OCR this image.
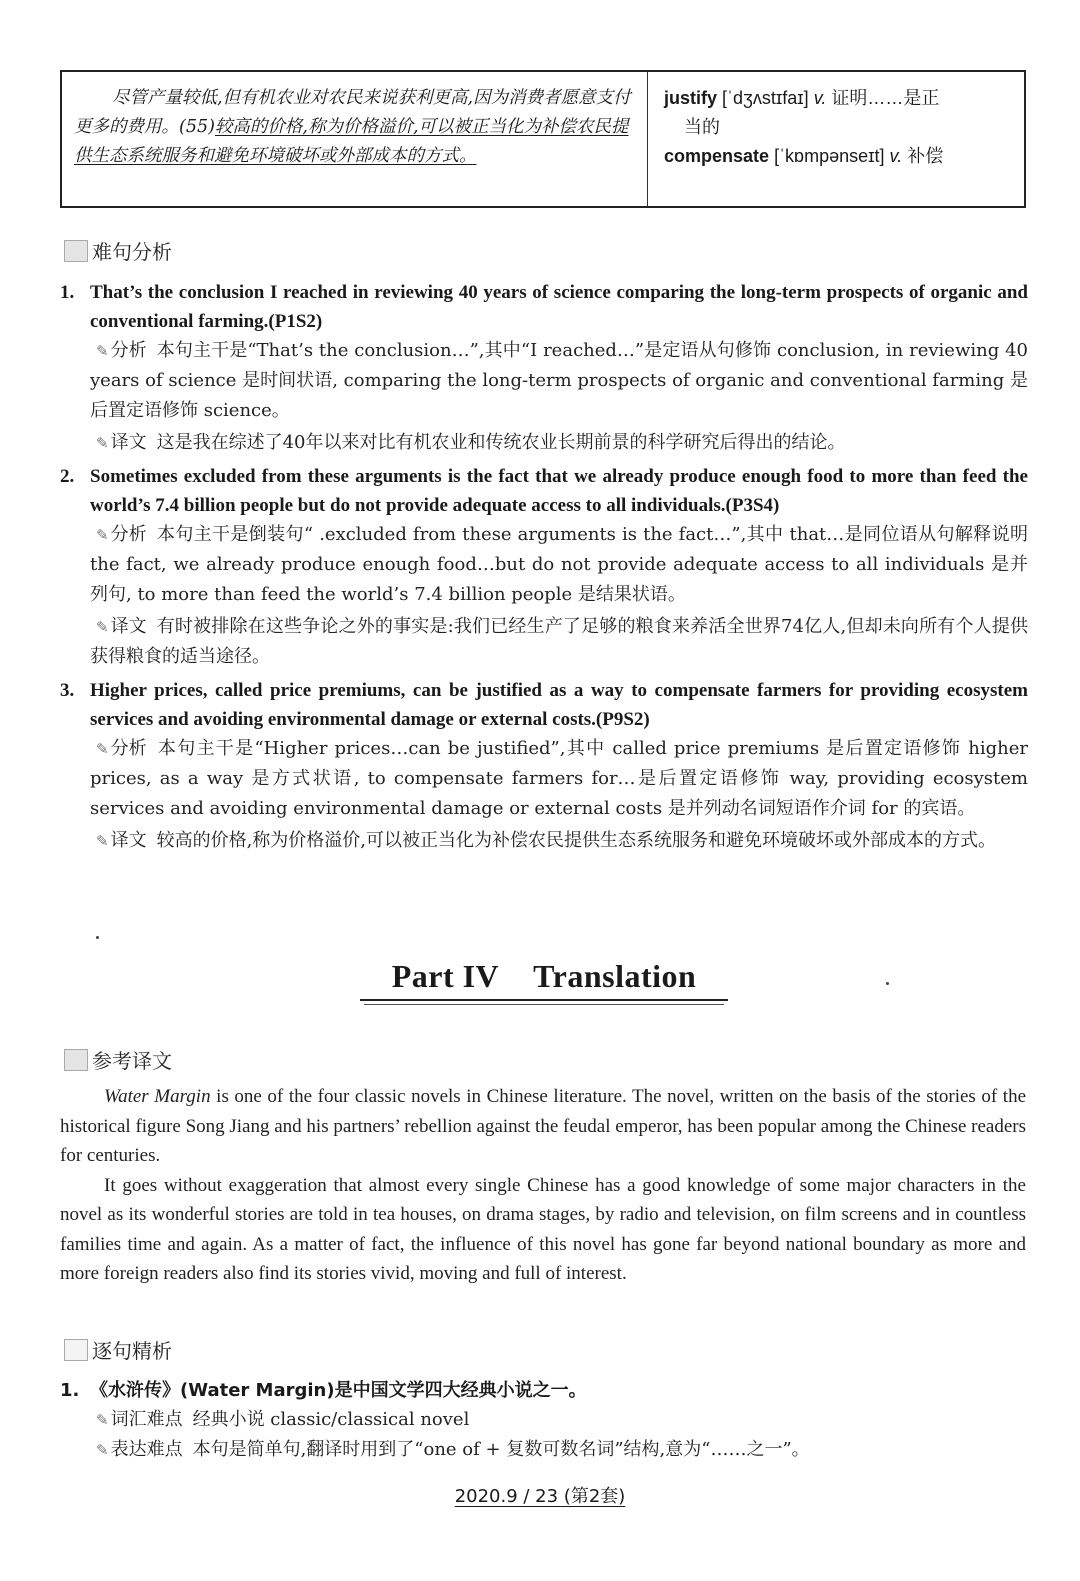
尽管产量较低,但有机农业对农民来说获利更高,因为消费者愿意支付更多的费用。(55)较高的价格,称为价格溢价,可以被正当化为补偿农民提供生态系统服务和避免环境破坏或外部成本的方式。
justify [ˈdʒʌstɪfaɪ] v. 证明……是正
当的
compensate [ˈkɒmpənseɪt] v. 补偿
难句分析
1. That’s the conclusion I reached in reviewing 40 years of science comparing the long-term prospects of organic and conventional farming.(P1S2)
✎ 分析 本句主干是“That’s the conclusion…”,其中“I reached…”是定语从句修饰 conclusion, in reviewing 40 years of science 是时间状语, comparing the long-term prospects of organic and conventional farming 是后置定语修饰 science。
✎ 译文 这是我在综述了40年以来对比有机农业和传统农业长期前景的科学研究后得出的结论。
2. Sometimes excluded from these arguments is the fact that we already produce enough food to more than feed the world’s 7.4 billion people but do not provide adequate access to all individuals.(P3S4)
✎ 分析 本句主干是倒装句“ .excluded from these arguments is the fact…”,其中 that…是同位语从句解释说明 the fact, we already produce enough food…but do not provide adequate access to all individuals 是并列句, to more than feed the world’s 7.4 billion people 是结果状语。
✎ 译文 有时被排除在这些争论之外的事实是:我们已经生产了足够的粮食来养活全世界74亿人,但却未向所有个人提供获得粮食的适当途径。
3. Higher prices, called price premiums, can be justified as a way to compensate farmers for providing ecosystem services and avoiding environmental damage or external costs.(P9S2)
✎ 分析 本句主干是“Higher prices…can be justified”,其中 called price premiums 是后置定语修饰 higher prices, as a way 是方式状语, to compensate farmers for…是后置定语修饰 way, providing ecosystem services and avoiding environmental damage or external costs 是并列动名词短语作介词 for 的宾语。
✎ 译文 较高的价格,称为价格溢价,可以被正当化为补偿农民提供生态系统服务和避免环境破坏或外部成本的方式。
Part IV Translation
参考译文

Water Margin is one of the four classic novels in Chinese literature. The novel, written on the basis of the stories of the historical figure Song Jiang and his partners’ rebellion against the feudal emperor, has been popular among the Chinese readers for centuries.

It goes without exaggeration that almost every single Chinese has a good knowledge of some major characters in the novel as its wonderful stories are told in tea houses, on drama stages, by radio and television, on film screens and in countless families time and again. As a matter of fact, the influence of this novel has gone far beyond national boundary as more and more foreign readers also find its stories vivid, moving and full of interest.

逐句精析
1. 《水浒传》(Water Margin)是中国文学四大经典小说之一。
✎ 词汇难点 经典小说 classic/classical novel
✎ 表达难点 本句是简单句,翻译时用到了“one of + 复数可数名词”结构,意为“……之一”。
2020.9 / 23 (第2套)
